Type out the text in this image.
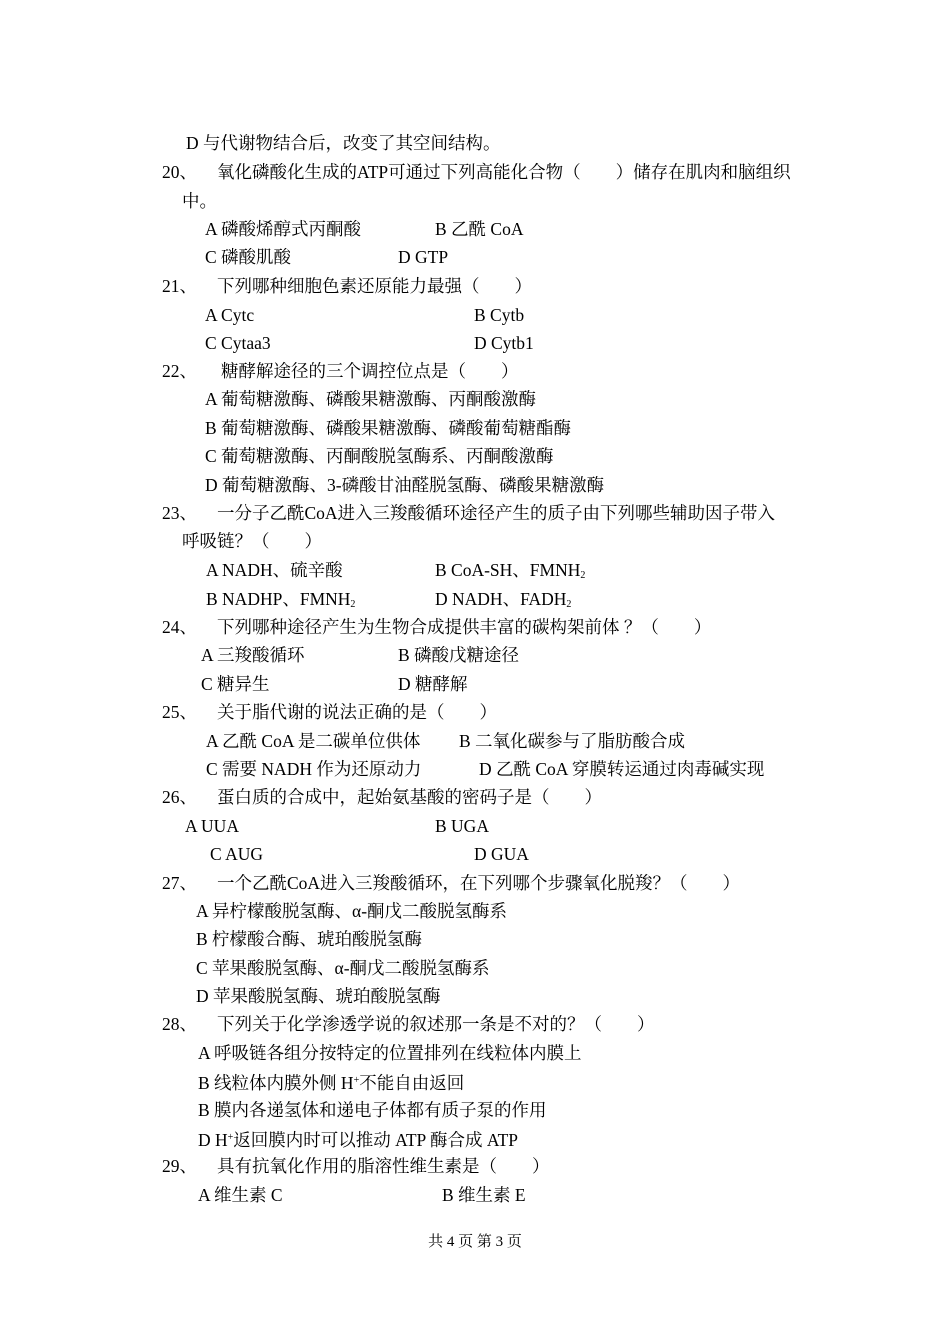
D 与代谢物结合后，改变了其空间结构。
20、 氧化磷酸化生成的ATP可通过下列高能化合物（　　）储存在肌肉和脑组织
中。
A 磷酸烯醇式丙酮酸	B 乙酰 CoA
C 磷酸肌酸	D GTP
21、 下列哪种细胞色素还原能力最强（　　）
A Cytc	B Cytb
C Cytaa3	D Cytb1
22、 糖酵解途径的三个调控位点是（　　）
A 葡萄糖激酶、磷酸果糖激酶、丙酮酸激酶
B 葡萄糖激酶、磷酸果糖激酶、磷酸葡萄糖酯酶
C 葡萄糖激酶、丙酮酸脱氢酶系、丙酮酸激酶
D 葡萄糖激酶、3-磷酸甘油醛脱氢酶、磷酸果糖激酶
23、 一分子乙酰CoA进入三羧酸循环途径产生的质子由下列哪些辅助因子带入
呼吸链？（　　）
A NADH、硫辛酸	B CoA-SH、$FMNH_2$
B NADHP、$FMNH_2$	D NADH、$FADH_2$
24、 下列哪种途径产生为生物合成提供丰富的碳构架前体 ？（　　）
A 三羧酸循环	B 磷酸戊糖途径
C 糖异生	D 糖酵解
25、 关于脂代谢的说法正确的是（　　）
A 乙酰 CoA 是二碳单位供体 B 二氧化碳参与了脂肪酸合成
C 需要 NADH 作为还原动力	D 乙酰 CoA 穿膜转运通过肉毒碱实现
26、 蛋白质的合成中，起始氨基酸的密码子是（　　）
A UUA	B UGA
C AUG	D GUA
27、 一个乙酰CoA进入三羧酸循环，在下列哪个步骤氧化脱羧？（　　）
A 异柠檬酸脱氢酶、α-酮戊二酸脱氢酶系
B 柠檬酸合酶、琥珀酸脱氢酶
C 苹果酸脱氢酶、α-酮戊二酸脱氢酶系
D 苹果酸脱氢酶、琥珀酸脱氢酶
28、 下列关于化学渗透学说的叙述那一条是不对的？（　　）
A 呼吸链各组分按特定的位置排列在线粒体内膜上
B 线粒体内膜外侧 H+不能自由返回
B 膜内各递氢体和递电子体都有质子泵的作用
D H+返回膜内时可以推动 ATP 酶合成 ATP
29、 具有抗氧化作用的脂溶性维生素是（　　）
A 维生素 C	B 维生素 E
共 4 页 第 3 页
